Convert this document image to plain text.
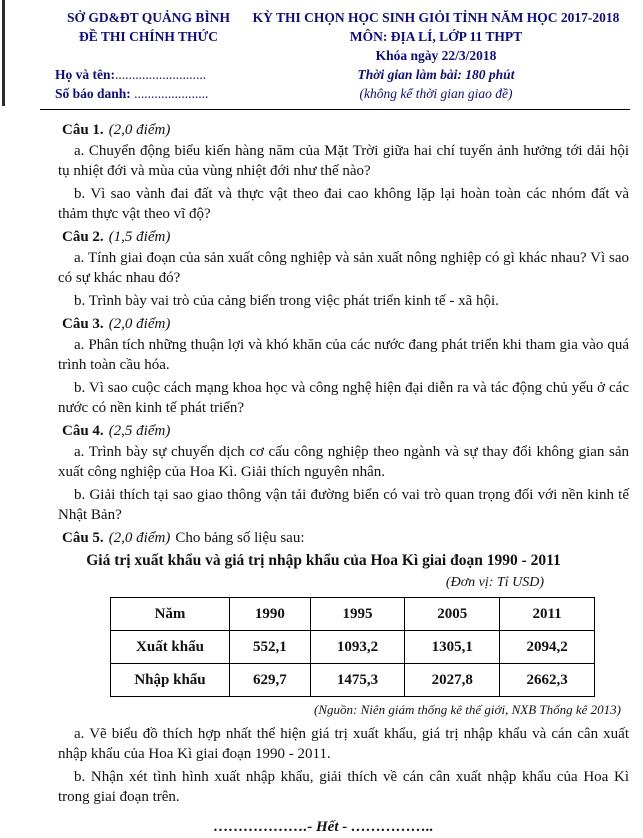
SỞ GD&ĐT QUẢNG BÌNH

ĐỀ THI CHÍNH THỨC

Họ và tên:...........................

Số báo danh: ......................

KỲ THI CHỌN HỌC SINH GIỎI TỈNH NĂM HỌC 2017-2018

MÔN: ĐỊA LÍ, LỚP 11 THPT

Khóa ngày 22/3/2018

Thời gian làm bài: 180 phút

(không kể thời gian giao đề)

Câu 1. (2,0 điểm)

a. Chuyển động biểu kiến hàng năm của Mặt Trời giữa hai chí tuyến ảnh hưởng tới dải hội tụ nhiệt đới và mùa của vùng nhiệt đới như thế nào?

b. Vì sao vành đai đất và thực vật theo đai cao không lặp lại hoàn toàn các nhóm đất và thảm thực vật theo vĩ độ?

Câu 2. (1,5 điểm)

a. Tính giai đoạn của sản xuất công nghiệp và sản xuất nông nghiệp có gì khác nhau? Vì sao có sự khác nhau đó?

b. Trình bày vai trò của cảng biển trong việc phát triển kinh tế - xã hội.

Câu 3. (2,0 điểm)

a. Phân tích những thuận lợi và khó khăn của các nước đang phát triển khi tham gia vào quá trình toàn cầu hóa.

b. Vì sao cuộc cách mạng khoa học và công nghệ hiện đại diễn ra và tác động chủ yếu ở các nước có nền kinh tế phát triển?

Câu 4. (2,5 điểm)

a. Trình bày sự chuyển dịch cơ cấu công nghiệp theo ngành và sự thay đổi không gian sản xuất công nghiệp của Hoa Kì. Giải thích nguyên nhân.

b. Giải thích tại sao giao thông vận tải đường biển có vai trò quan trọng đối với nền kinh tế Nhật Bản?

Câu 5. (2,0 điểm) Cho bảng số liệu sau:

Giá trị xuất khẩu và giá trị nhập khẩu của Hoa Kì giai đoạn 1990 - 2011

(Đơn vị: Tỉ USD)

Năm	1990	1995	2005	2011
Xuất khẩu	552,1	1093,2	1305,1	2094,2
Nhập khẩu	629,7	1475,3	2027,8	2662,3

(Nguồn: Niên giám thống kê thế giới, NXB Thống kê 2013)

a. Vẽ biểu đồ thích hợp nhất thể hiện giá trị xuất khẩu, giá trị nhập khẩu và cán cân xuất nhập khẩu của Hoa Kì giai đoạn 1990 - 2011.

b. Nhận xét tình hình xuất nhập khẩu, giải thích về cán cân xuất nhập khẩu của Hoa Kì trong giai đoạn trên.

……………….- Hết - ……………..
